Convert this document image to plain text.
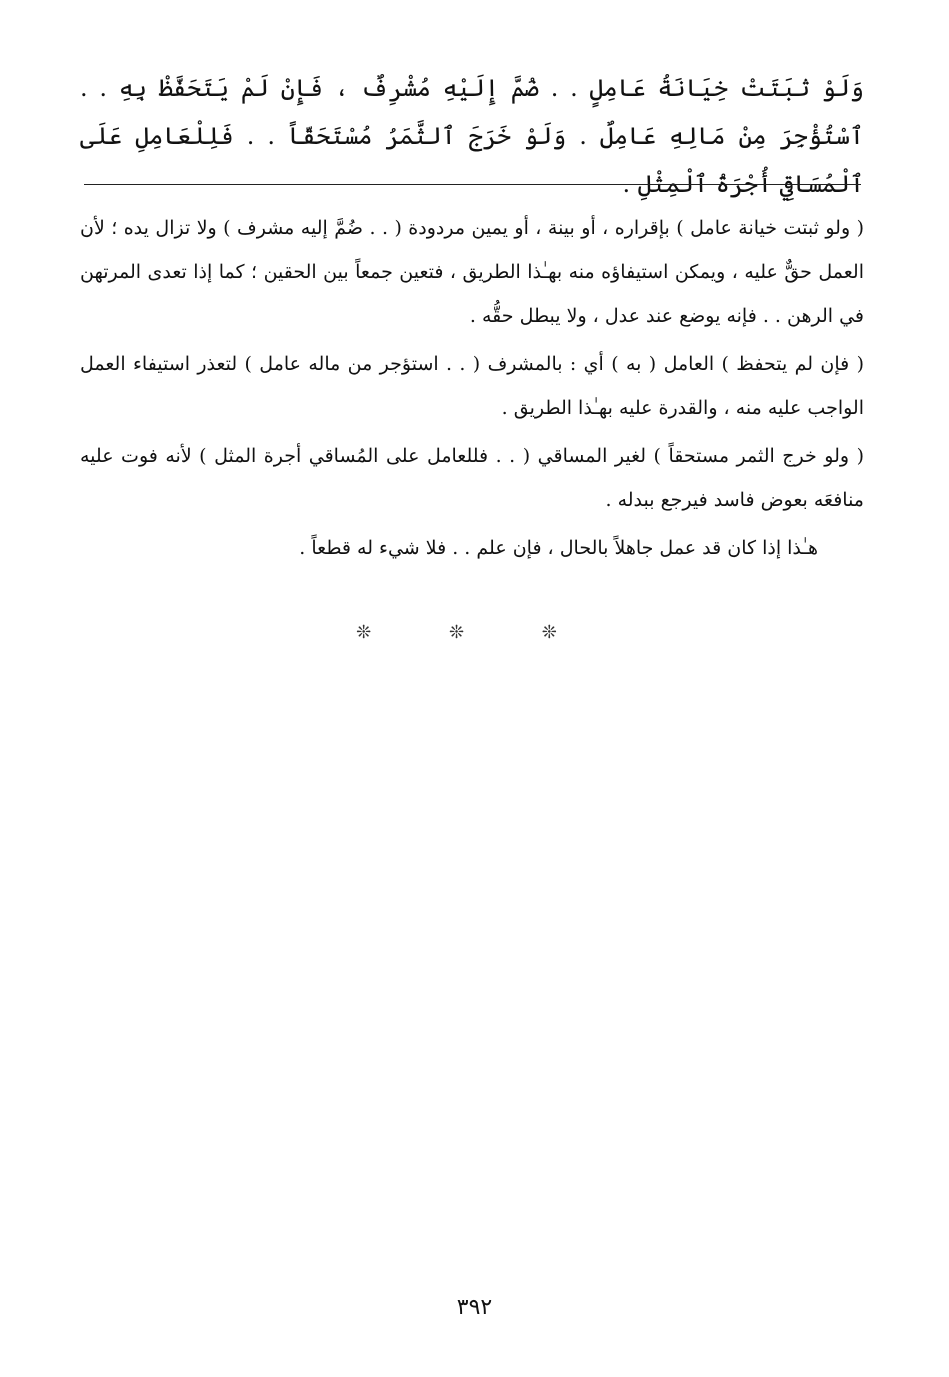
وَلَوْ ثبَتَتْ خِيَانَةُ عَامِلٍ . . ضُمَّ إِلَيْهِ مُشْرِفٌ ، فَإِنْ لَمْ يَتَحَفَّظْ بِهِ . . ٱسْتُؤْجِرَ مِنْ مَالِهِ عَامِلٌ . وَلَوْ خَرَجَ ٱلثَّمَرُ مُسْتَحَقّاً . . فَلِلْعَامِلِ عَلَى ٱلْمُسَاقِي أُجْرَةُ ٱلْمِثْلِ .

( ولو ثبتت خيانة عامل ) بإقراره ، أو بينة ، أو يمين مردودة ( . . ضُمَّ إليه مشرف ) ولا تزال يده ؛ لأن العمل حقٌّ عليه ، ويمكن استيفاؤه منه بهـٰذا الطريق ، فتعين جمعاً بين الحقين ؛ كما إذا تعدى المرتهن في الرهن . . فإنه يوضع عند عدل ، ولا يبطل حقُّه .

( فإن لم يتحفظ ) العامل ( به ) أي : بالمشرف ( . . استؤجر من ماله عامل ) لتعذر استيفاء العمل الواجب عليه منه ، والقدرة عليه بهـٰذا الطريق .

( ولو خرج الثمر مستحقاً ) لغير المساقي ( . . فللعامل على المُساقي أجرة المثل ) لأنه فوت عليه منافعَه بعوض فاسد فيرجع ببدله .

هـٰذا إذا كان قد عمل جاهلاً بالحال ، فإن علم . . فلا شيء له قطعاً .

❊ ❊ ❊
٣٩٢
